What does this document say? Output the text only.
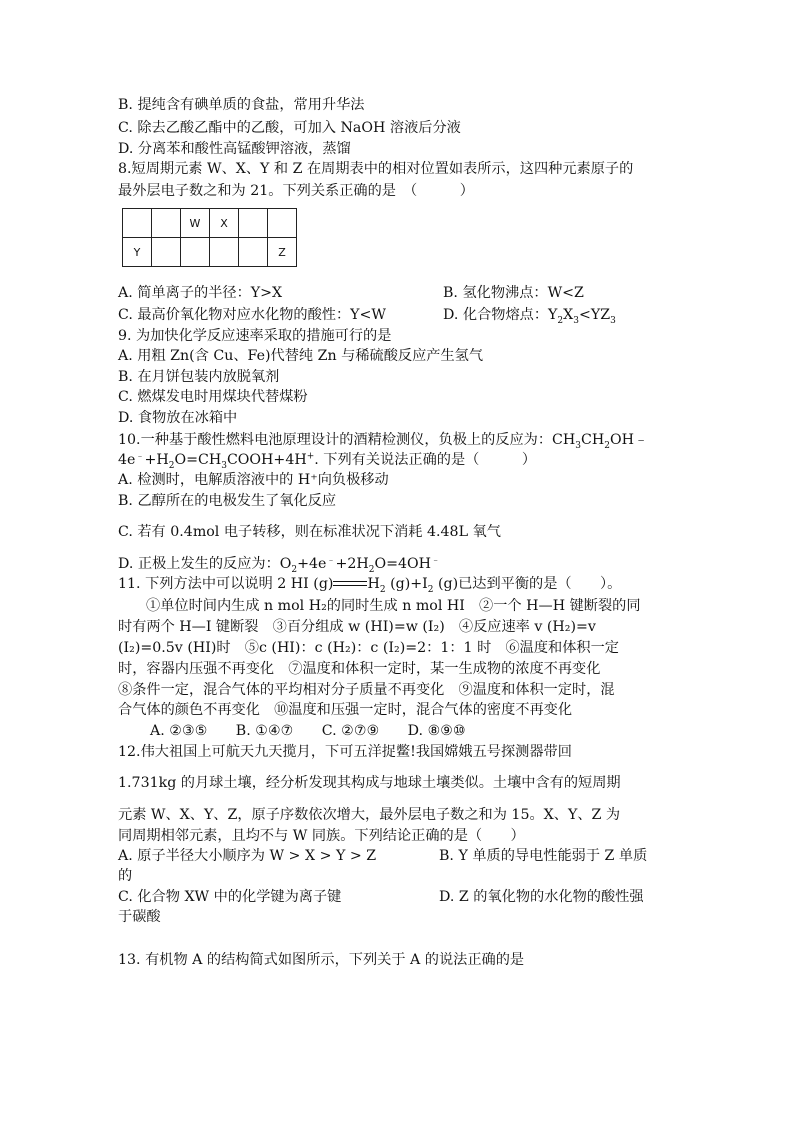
B. 提纯含有碘单质的食盐，常用升华法
C. 除去乙酸乙酯中的乙酸，可加入 NaOH 溶液后分液
D. 分离苯和酸性高锰酸钾溶液，蒸馏
8.短周期元素 W、X、Y 和 Z 在周期表中的相对位置如表所示，这四种元素原子的
最外层电子数之和为 21。下列关系正确的是　（　　　）
		W	X		
Y					Z
A. 简单离子的半径：Y>X	B. 氢化物沸点：W<Z
C. 最高价氧化物对应水化物的酸性：Y<W	D. 化合物熔点：$Y_2X_3<YZ_3$
9. 为加快化学反应速率采取的措施可行的是
A. 用粗 Zn(含 Cu、Fe)代替纯 Zn 与稀硫酸反应产生氢气
B. 在月饼包装内放脱氧剂
C. 燃煤发电时用煤块代替煤粉
D. 食物放在冰箱中
10.一种基于酸性燃料电池原理设计的酒精检测仪，负极上的反应为：$CH_3CH_2OH﹣$
$4e^﹣+H_2O=CH_3COOH+4H^+$. 下列有关说法正确的是（　　　）
A. 检测时，电解质溶液中的 H⁺向负极移动
B. 乙醇所在的电极发生了氧化反应
C. 若有 0.4mol 电子转移，则在标准状况下消耗 4.48L 氧气
D. 正极上发生的反应为：$O_2+4e^﹣+2H_2O=4OH^﹣$
11. 下列方法中可以说明 2 HI (g) $H_2$ $(g)+I_2$ (g)已达到平衡的是（　　）。
①单位时间内生成 n mol H₂的同时生成 n mol HI　②一个 H—H 键断裂的同
时有两个 H—I 键断裂　③百分组成 w (HI)=w (I₂)　④反应速率 v (H₂)=v
(I₂)=0.5v (HI)时　⑤c (HI)：c (H₂)：c (I₂)=2：1：1 时　⑥温度和体积一定
时，容器内压强不再变化　⑦温度和体积一定时，某一生成物的浓度不再变化
⑧条件一定，混合气体的平均相对分子质量不再变化　⑨温度和体积一定时，混
合气体的颜色不再变化　⑩温度和压强一定时，混合气体的密度不再变化
A. ②③⑤　　B. ①④⑦　　C. ②⑦⑨　　D. ⑧⑨⑩
12.伟大祖国上可航天九天揽月，下可五洋捉鳖!我国嫦娥五号探测器带回
1.731kg 的月球土壤，经分析发现其构成与地球土壤类似。土壤中含有的短周期
元素 W、X、Y、Z，原子序数依次增大，最外层电子数之和为 15。X、Y、Z 为
同周期相邻元素，且均不与 W 同族。下列结论正确的是（　　）
A. 原子半径大小顺序为 W > X > Y > Z	B. Y 单质的导电性能弱于 Z 单质
的
C. 化合物 XW 中的化学键为离子键	D. Z 的氧化物的水化物的酸性强
于碳酸
13. 有机物 A 的结构简式如图所示，下列关于 A 的说法正确的是
